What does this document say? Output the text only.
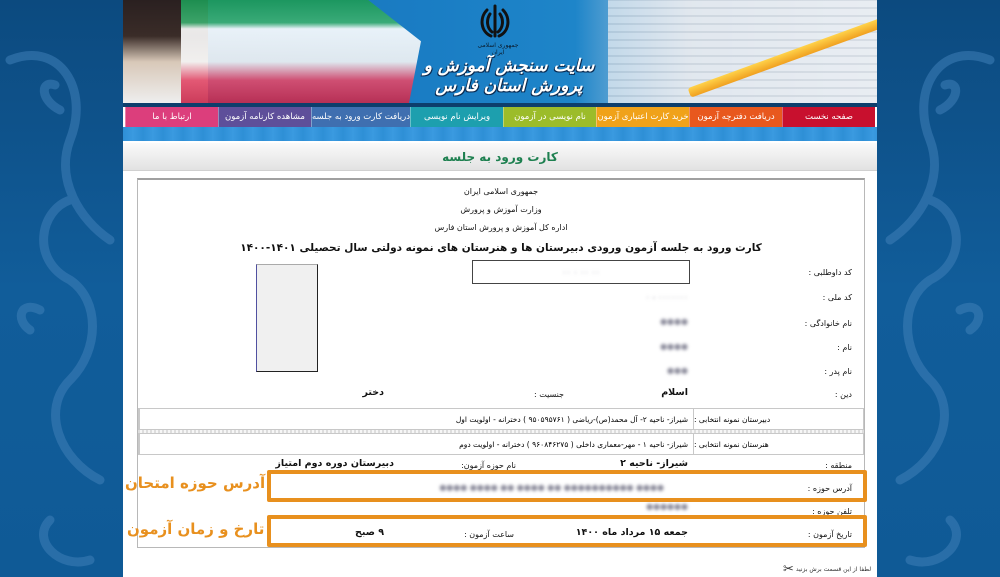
جمهوری اسلامی ایران
سایت سنجش آموزش و پرورش استان فارس
صفحه نخست
دریافت دفترچه آزمون
خرید کارت اعتباری آزمون
نام نویسی در آزمون
ویرایش نام نویسی
دریافت کارت ورود به جلسه
مشاهده کارنامه آزمون
ارتباط با ما
کارت ورود به جلسه
جمهوری اسلامی ایران
وزارت آموزش و پرورش
اداره کل آموزش و پرورش استان فارس
کارت ورود به جلسه آزمون ورودی دبیرستان ها و هنرستان های نمونه دولتی سال تحصیلی ۱۴۰۱-۱۴۰۰
کد داوطلبی :
۰۰ ۰ ۰۰ ۰۰
کد ملی :
۰۰۰۰۰۰۰ - ۰
نام خانوادگی :
●●●●
نام :
●●●●
نام پدر :
●●●
دین :
اسلام
جنسیت :
دختر
دبیرستان نمونه انتخابی :
شیراز- ناحیه ۲- آل محمد(ص)-ریاضی ( ۹۵۰۵۹۵۷۶۱ ) دخترانه - اولویت اول
هنرستان نمونه انتخابی :
شیراز- ناحیه ۱ - مهر-معماری داخلی ( ۹۶۰۸۴۶۲۷۵ ) دخترانه - اولویت دوم
منطقه :
شیراز- ناحیه ۲
نام حوزه آزمون:
دبیرستان دوره دوم امتیاز
آدرس حوزه :
●●●● ●●●●●●●●●● ●● ●●●● ●● ●●●● ●●●●
تلفن حوزه :
●●●●●●
تاریخ آزمون :
جمعه ۱۵ مرداد ماه ۱۴۰۰
ساعت آزمون :
۹ صبح
آدرس حوزه امتحان
تارخ و زمان آزمون
لطفا از این قسمت برش بزنید
✂
